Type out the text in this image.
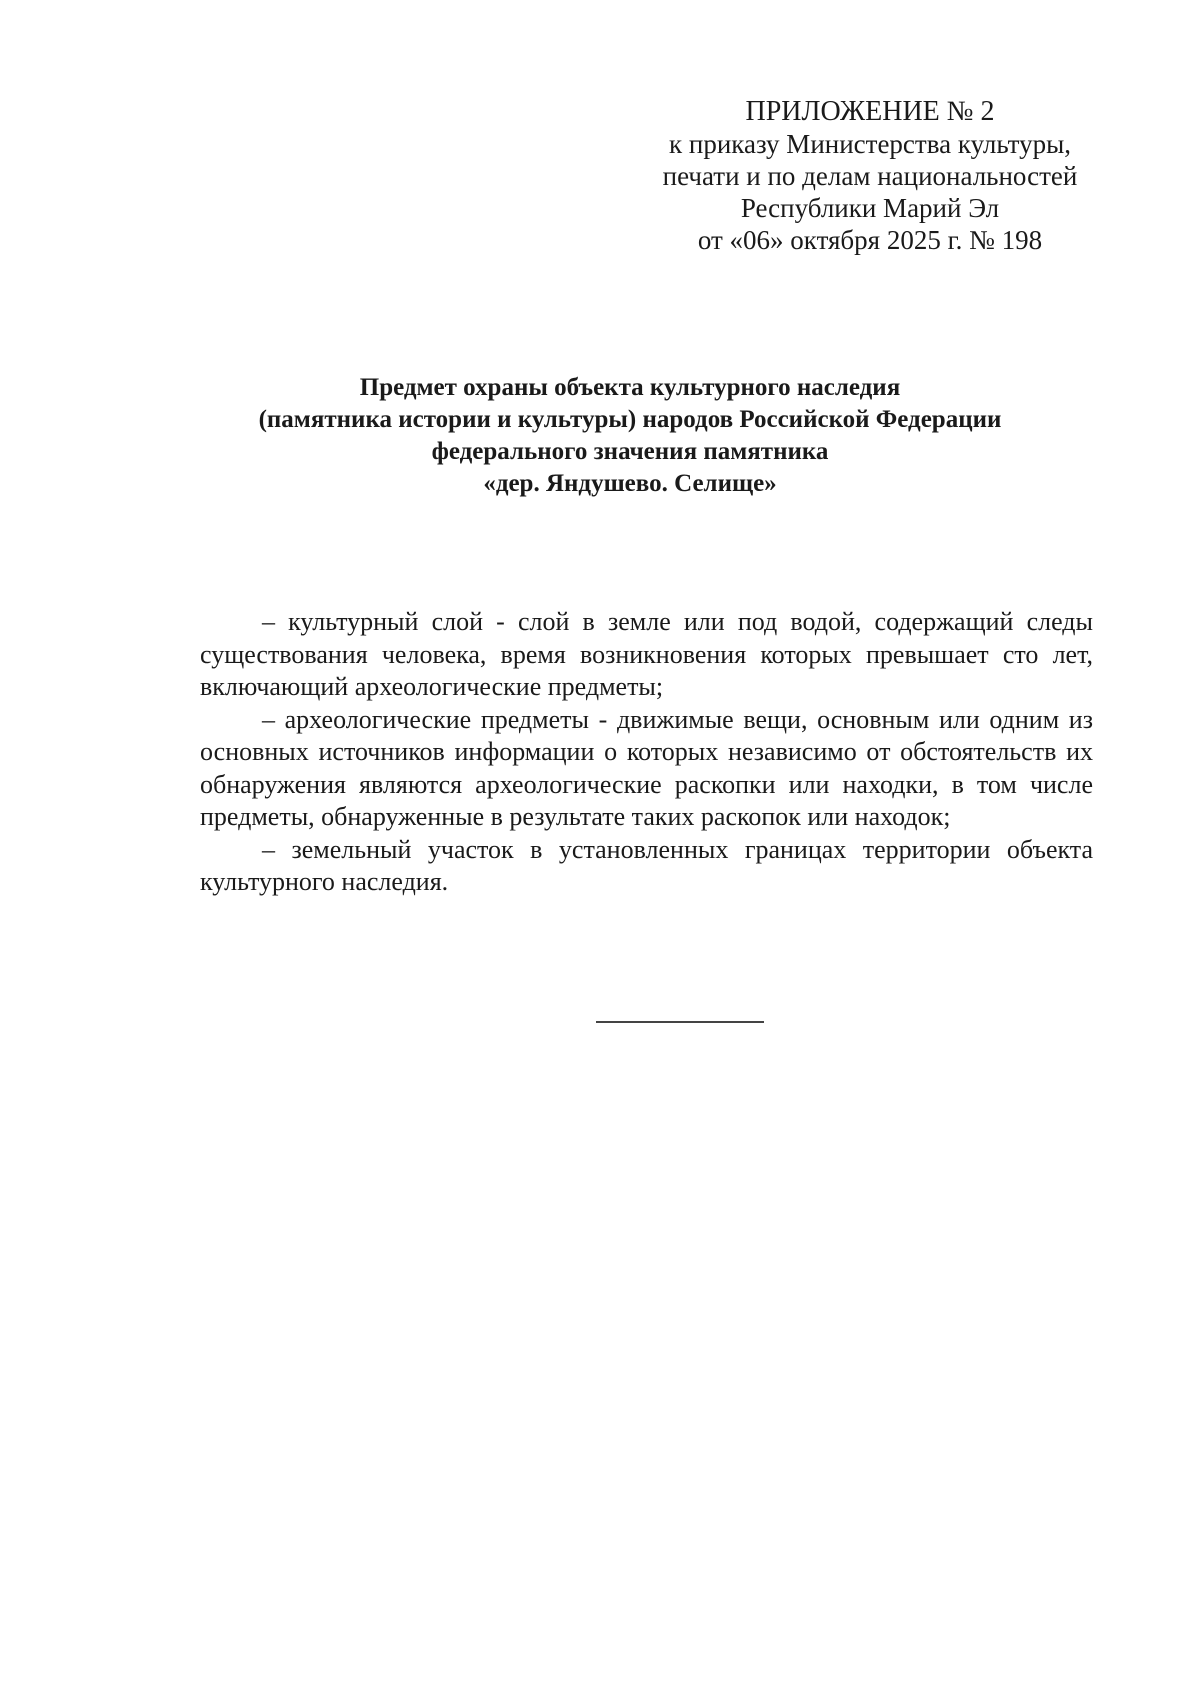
ПРИЛОЖЕНИЕ № 2
к приказу Министерства культуры,
печати и по делам национальностей
Республики Марий Эл
от «06» октября 2025 г. № 198
Предмет охраны объекта культурного наследия
(памятника истории и культуры) народов Российской Федерации
федерального значения памятника
«дер. Яндушево. Селище»

– культурный слой - слой в земле или под водой, содержащий следы существования человека, время возникновения которых превышает сто лет, включающий археологические предметы;

– археологические предметы - движимые вещи, основным или одним из основных источников информации о которых независимо от обстоятельств их обнаружения являются археологические раскопки или находки, в том числе предметы, обнаруженные в результате таких раскопок или находок;

– земельный участок в установленных границах территории объекта культурного наследия.
